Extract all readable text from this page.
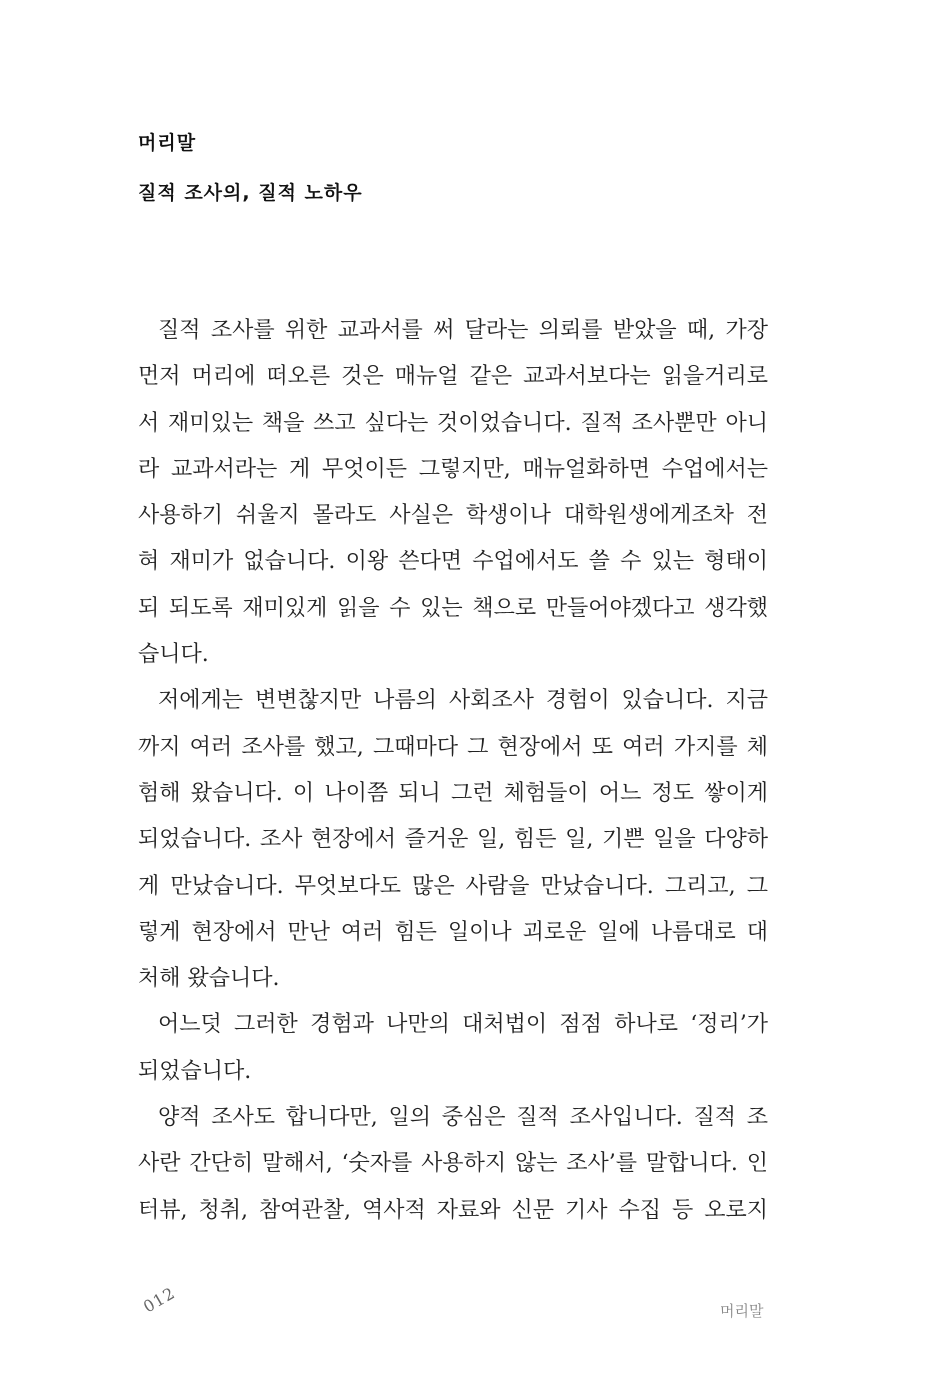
머리말
질적 조사의, 질적 노하우
질적 조사를 위한 교과서를 써 달라는 의뢰를 받았을 때, 가장
먼저 머리에 떠오른 것은 매뉴얼 같은 교과서보다는 읽을거리로
서 재미있는 책을 쓰고 싶다는 것이었습니다. 질적 조사뿐만 아니
라 교과서라는 게 무엇이든 그렇지만, 매뉴얼화하면 수업에서는
사용하기 쉬울지 몰라도 사실은 학생이나 대학원생에게조차 전
혀 재미가 없습니다. 이왕 쓴다면 수업에서도 쓸 수 있는 형태이
되 되도록 재미있게 읽을 수 있는 책으로 만들어야겠다고 생각했
습니다.
저에게는 변변찮지만 나름의 사회조사 경험이 있습니다. 지금
까지 여러 조사를 했고, 그때마다 그 현장에서 또 여러 가지를 체
험해 왔습니다. 이 나이쯤 되니 그런 체험들이 어느 정도 쌓이게
되었습니다. 조사 현장에서 즐거운 일, 힘든 일, 기쁜 일을 다양하
게 만났습니다. 무엇보다도 많은 사람을 만났습니다. 그리고, 그
렇게 현장에서 만난 여러 힘든 일이나 괴로운 일에 나름대로 대
처해 왔습니다.
어느덧 그러한 경험과 나만의 대처법이 점점 하나로 ‘정리’가
되었습니다.
양적 조사도 합니다만, 일의 중심은 질적 조사입니다. 질적 조
사란 간단히 말해서, ‘숫자를 사용하지 않는 조사’를 말합니다. 인
터뷰, 청취, 참여관찰, 역사적 자료와 신문 기사 수집 등 오로지
012	머리말
